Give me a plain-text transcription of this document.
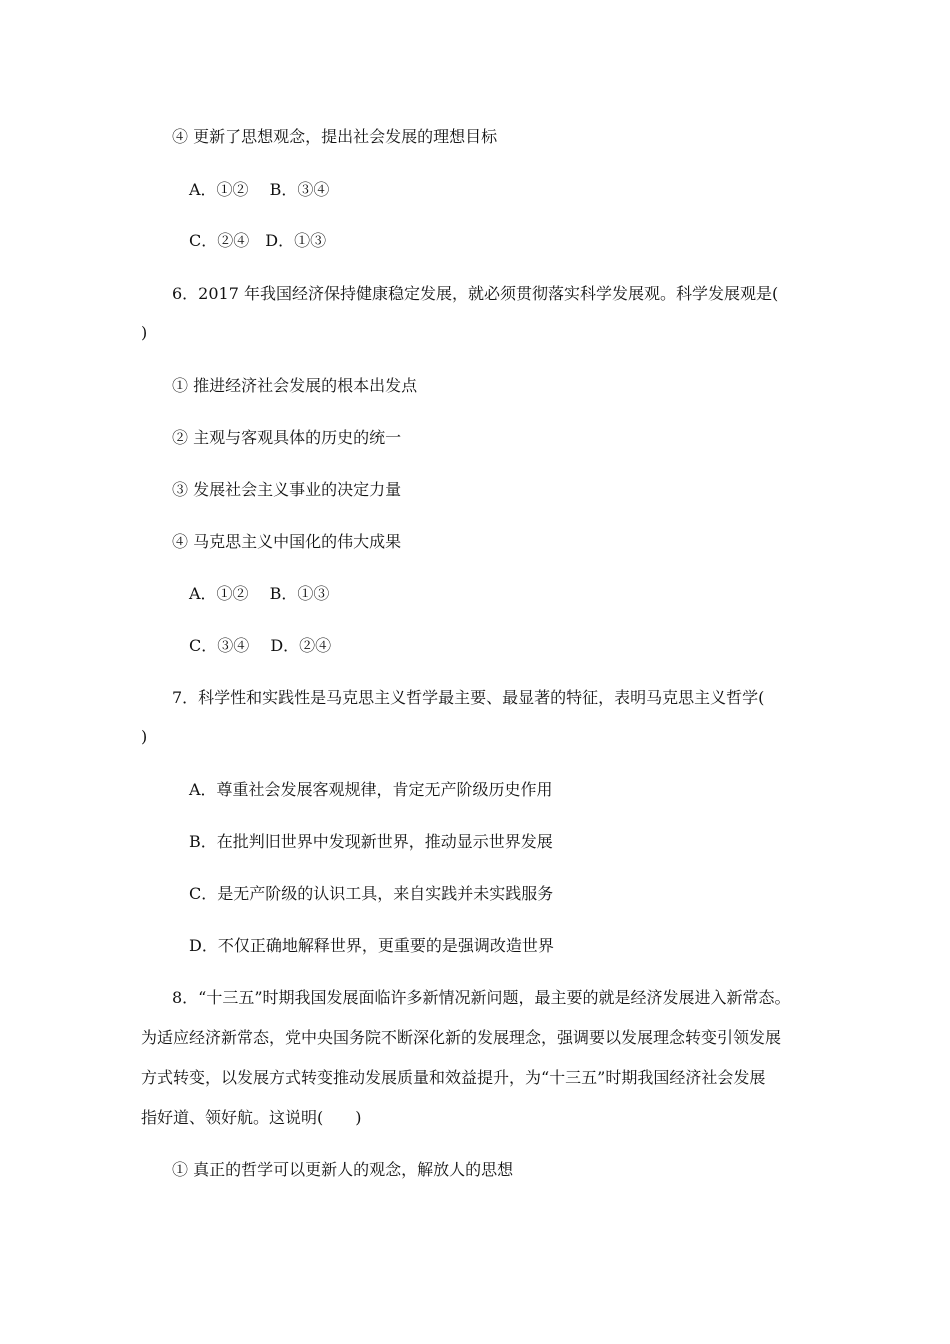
④ 更新了思想观念，提出社会发展的理想目标
A．①②　 B．③④
C．②④　D．①③
6．2017 年我国经济保持健康稳定发展，就必须贯彻落实科学发展观。科学发展观是(
)
① 推进经济社会发展的根本出发点
② 主观与客观具体的历史的统一
③ 发展社会主义事业的决定力量
④ 马克思主义中国化的伟大成果
A．①②　 B．①③
C．③④　 D．②④
7．科学性和实践性是马克思主义哲学最主要、最显著的特征，表明马克思主义哲学(
)
A．尊重社会发展客观规律，肯定无产阶级历史作用
B．在批判旧世界中发现新世界，推动显示世界发展
C．是无产阶级的认识工具，来自实践并未实践服务
D．不仅正确地解释世界，更重要的是强调改造世界
8．“十三五”时期我国发展面临许多新情况新问题，最主要的就是经济发展进入新常态。
为适应经济新常态，党中央国务院不断深化新的发展理念，强调要以发展理念转变引领发展
方式转变，以发展方式转变推动发展质量和效益提升，为“十三五”时期我国经济社会发展
指好道、领好航。这说明(　　)
① 真正的哲学可以更新人的观念，解放人的思想
